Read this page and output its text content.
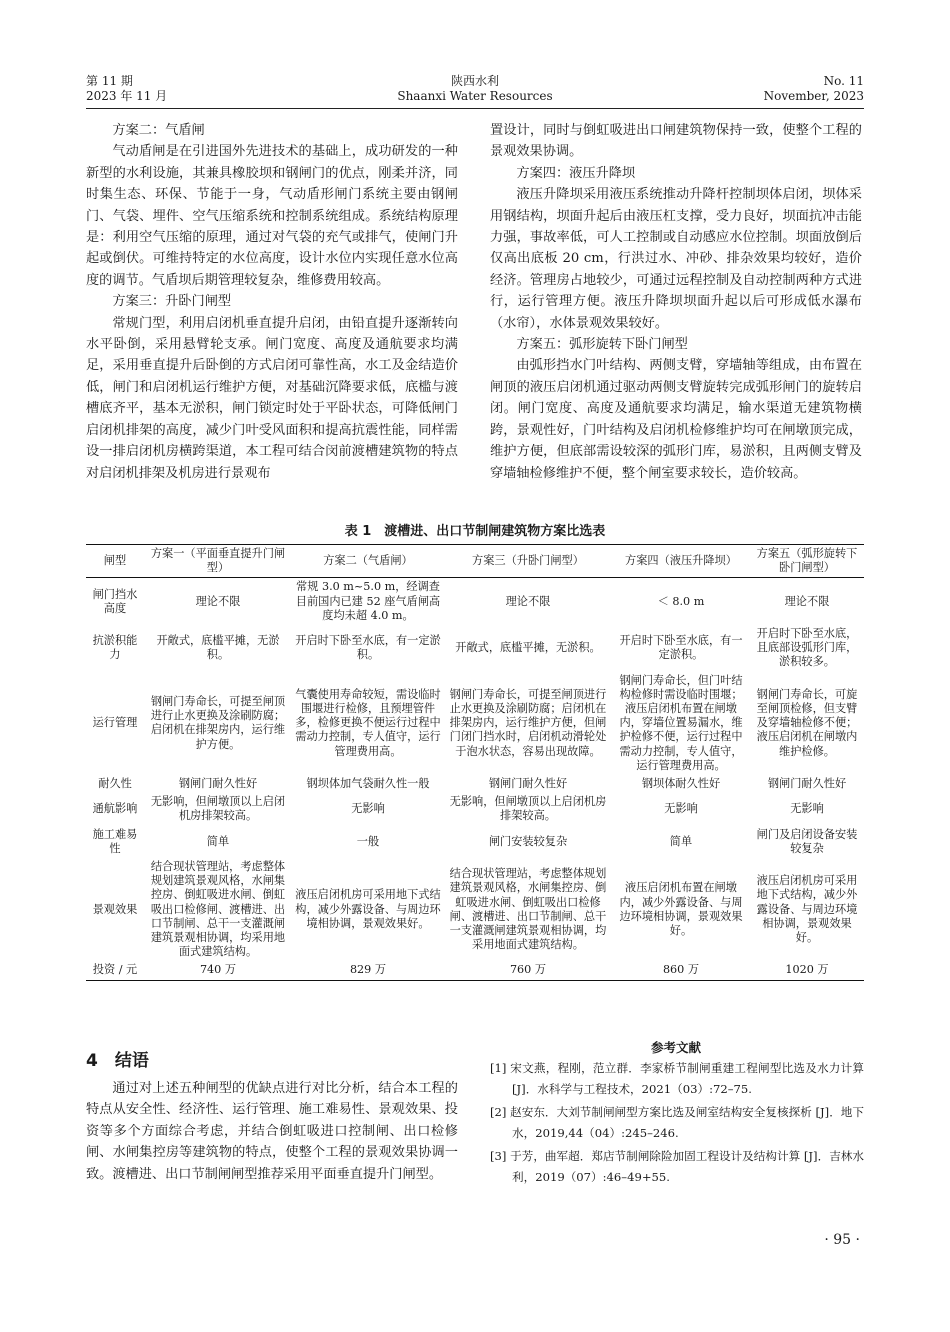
第 11 期
2023 年 11 月
陕西水利
Shaanxi Water Resources
No. 11
November, 2023

方案二：气盾闸

气动盾闸是在引进国外先进技术的基础上，成功研发的一种新型的水利设施，其兼具橡胶坝和钢闸门的优点，刚柔并济，同时集生态、环保、节能于一身，气动盾形闸门系统主要由钢闸门、气袋、埋件、空气压缩系统和控制系统组成。系统结构原理是：利用空气压缩的原理，通过对气袋的充气或排气，使闸门升起或倒伏。可维持特定的水位高度，设计水位内实现任意水位高度的调节。气盾坝后期管理较复杂，维修费用较高。

方案三：升卧门闸型

常规门型，利用启闭机垂直提升启闭，由铅直提升逐渐转向水平卧倒，采用悬臂轮支承。闸门宽度、高度及通航要求均满足，采用垂直提升后卧倒的方式启闭可靠性高，水工及金结造价低，闸门和启闭机运行维护方便，对基础沉降要求低，底槛与渡槽底齐平，基本无淤积，闸门锁定时处于平卧状态，可降低闸门启闭机排架的高度，减少门叶受风面积和提高抗震性能，同样需设一排启闭机房横跨渠道，本工程可结合闵前渡槽建筑物的特点对启闭机排架及机房进行景观布

置设计，同时与倒虹吸进出口闸建筑物保持一致，使整个工程的景观效果协调。

方案四：液压升降坝

液压升降坝采用液压系统推动升降杆控制坝体启闭，坝体采用钢结构，坝面升起后由液压杠支撑，受力良好，坝面抗冲击能力强，事故率低，可人工控制或自动感应水位控制。坝面放倒后仅高出底板 20 cm，行洪过水、冲砂、排杂效果均较好，造价经济。管理房占地较少，可通过远程控制及自动控制两种方式进行，运行管理方便。液压升降坝坝面升起以后可形成低水瀑布（水帘），水体景观效果较好。

方案五：弧形旋转下卧门闸型

由弧形挡水门叶结构、两侧支臂，穿墙轴等组成，由布置在闸顶的液压启闭机通过驱动两侧支臂旋转完成弧形闸门的旋转启闭。闸门宽度、高度及通航要求均满足，输水渠道无建筑物横跨，景观性好，门叶结构及启闭机检修维护均可在闸墩顶完成，维护方便，但底部需设较深的弧形门库，易淤积，且两侧支臂及穿墙轴检修维护不便，整个闸室要求较长，造价较高。

表 1　渡槽进、出口节制闸建筑物方案比选表
闸型	方案一（平面垂直提升门闸型）	方案二（气盾闸）	方案三（升卧门闸型）	方案四（液压升降坝）	方案五（弧形旋转下卧门闸型）
闸门挡水高度	理论不限	常规 3.0 m~5.0 m，经调查目前国内已建 52 座气盾闸高度均未超 4.0 m。	理论不限	＜ 8.0 m	理论不限
抗淤积能力	开敞式，底槛平摊，无淤积。	开启时下卧至水底，有一定淤积。	开敞式，底槛平摊，无淤积。	开启时下卧至水底，有一定淤积。	开启时下卧至水底，且底部设弧形门库，淤积较多。
运行管理	钢闸门寿命长，可提至闸顶进行止水更换及涂刷防腐；启闭机在排架房内，运行维护方便。	气囊使用寿命较短，需设临时围堰进行检修，且预埋管件多，检修更换不便运行过程中需动力控制，专人值守，运行管理费用高。	钢闸门寿命长，可提至闸顶进行止水更换及涂刷防腐；启闭机在排架房内，运行维护方便，但闸门闭门挡水时，启闭机动滑轮处于泡水状态，容易出现故障。	钢闸门寿命长，但门叶结构检修时需设临时围堰；液压启闭机布置在闸墩内，穿墙位置易漏水，维护检修不便，运行过程中需动力控制，专人值守，运行管理费用高。	钢闸门寿命长，可旋至闸顶检修，但支臂及穿墙轴检修不便；液压启闭机在闸墩内维护检修。
耐久性	钢闸门耐久性好	钢坝体加气袋耐久性一般	钢闸门耐久性好	钢坝体耐久性好	钢闸门耐久性好
通航影响	无影响，但闸墩顶以上启闭机房排架较高。	无影响	无影响，但闸墩顶以上启闭机房排架较高。	无影响	无影响
施工难易性	简单	一般	闸门安装较复杂	简单	闸门及启闭设备安装较复杂
景观效果	结合现状管理站，考虑整体规划建筑景观风格，水闸集控房、倒虹吸进水闸、倒虹吸出口检修闸、渡槽进、出口节制闸、总干一支灌溉闸建筑景观相协调，均采用地面式建筑结构。	液压启闭机房可采用地下式结构，减少外露设备、与周边环境相协调，景观效果好。	结合现状管理站，考虑整体规划建筑景观风格，水闸集控房、倒虹吸进水闸、倒虹吸出口检修闸、渡槽进、出口节制闸、总干一支灌溉闸建筑景观相协调，均采用地面式建筑结构。	液压启闭机布置在闸墩内，减少外露设备、与周边环境相协调，景观效果好。	液压启闭机房可采用地下式结构，减少外露设备、与周边环境相协调，景观效果好。
投资 / 元	740 万	829 万	760 万	860 万	1020 万
4　结语

通过对上述五种闸型的优缺点进行对比分析，结合本工程的特点从安全性、经济性、运行管理、施工难易性、景观效果、投资等多个方面综合考虑，并结合倒虹吸进口控制闸、出口检修闸、水闸集控房等建筑物的特点，使整个工程的景观效果协调一致。渡槽进、出口节制闸闸型推荐采用平面垂直提升门闸型。

参考文献
[1] 宋文燕，程刚，范立群．李家桥节制闸重建工程闸型比选及水力计算 [J]．水科学与工程技术，2021（03）:72–75.
[2] 赵安东．大刘节制闸闸型方案比选及闸室结构安全复核探析 [J]．地下水，2019,44（04）:245–246.
[3] 于芳，曲军超．郑店节制闸除险加固工程设计及结构计算 [J]．吉林水利，2019（07）:46–49+55.
· 95 ·
